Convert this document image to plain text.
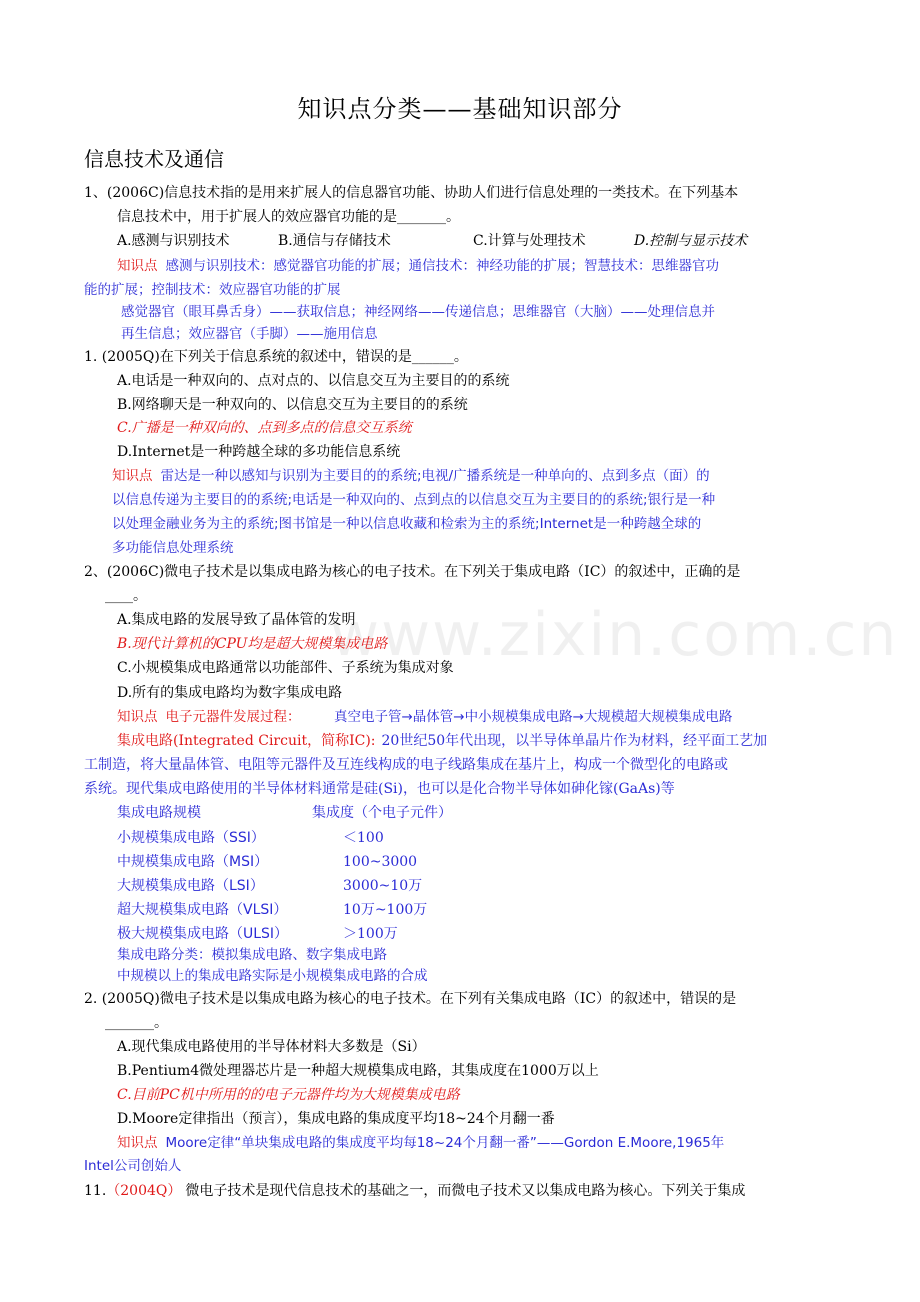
www.zixin.com.cn
知识点分类——基础知识部分
信息技术及通信
1、(2006C)信息技术指的是用来扩展人的信息器官功能、协助人们进行信息处理的一类技术。在下列基本
信息技术中，用于扩展人的效应器官功能的是_______。
A.感测与识别技术	B.通信与存储技术	C.计算与处理技术	D.控制与显示技术
知识点 感测与识别技术：感觉器官功能的扩展；通信技术：神经功能的扩展；智慧技术：思维器官功
能的扩展；控制技术：效应器官功能的扩展
感觉器官（眼耳鼻舌身）——获取信息；神经网络——传递信息；思维器官（大脑）——处理信息并
再生信息；效应器官（手脚）——施用信息
1. (2005Q)在下列关于信息系统的叙述中，错误的是______。
A.电话是一种双向的、点对点的、以信息交互为主要目的的系统
B.网络聊天是一种双向的、以信息交互为主要目的的系统
C.广播是一种双向的、点到多点的信息交互系统
D.Internet是一种跨越全球的多功能信息系统
知识点 雷达是一种以感知与识别为主要目的的系统;电视/广播系统是一种单向的、点到多点（面）的
以信息传递为主要目的的系统;电话是一种双向的、点到点的以信息交互为主要目的的系统;银行是一种
以处理金融业务为主的系统;图书馆是一种以信息收藏和检索为主的系统;Internet是一种跨越全球的
多功能信息处理系统
2、(2006C)微电子技术是以集成电路为核心的电子技术。在下列关于集成电路（IC）的叙述中，正确的是
____。
A.集成电路的发展导致了晶体管的发明
B.现代计算机的CPU均是超大规模集成电路
C.小规模集成电路通常以功能部件、子系统为集成对象
D.所有的集成电路均为数字集成电路
知识点 电子元器件发展过程： 真空电子管→晶体管→中小规模集成电路→大规模超大规模集成电路
集成电路(Integrated Circuit，简称IC): 20世纪50年代出现，以半导体单晶片作为材料，经平面工艺加
工制造，将大量晶体管、电阻等元器件及互连线构成的电子线路集成在基片上，构成一个微型化的电路或
系统。现代集成电路使用的半导体材料通常是硅(Si)，也可以是化合物半导体如砷化镓(GaAs)等
集成电路规模	集成度（个电子元件）
小规模集成电路（SSI）	＜100
中规模集成电路（MSI）	100~3000
大规模集成电路（LSI）	3000~10万
超大规模集成电路（VLSI）	10万~100万
极大规模集成电路（ULSI）	＞100万
集成电路分类：模拟集成电路、数字集成电路
中规模以上的集成电路实际是小规模集成电路的合成
2. (2005Q)微电子技术是以集成电路为核心的电子技术。在下列有关集成电路（IC）的叙述中，错误的是
_______。
A.现代集成电路使用的半导体材料大多数是（Si）
B.Pentium4微处理器芯片是一种超大规模集成电路，其集成度在1000万以上
C.目前PC机中所用的的电子元器件均为大规模集成电路
D.Moore定律指出（预言），集成电路的集成度平均18~24个月翻一番
知识点 Moore定律“单块集成电路的集成度平均每18~24个月翻一番”——Gordon E.Moore,1965年
Intel公司创始人
11.（2004Q） 微电子技术是现代信息技术的基础之一，而微电子技术又以集成电路为核心。下列关于集成
